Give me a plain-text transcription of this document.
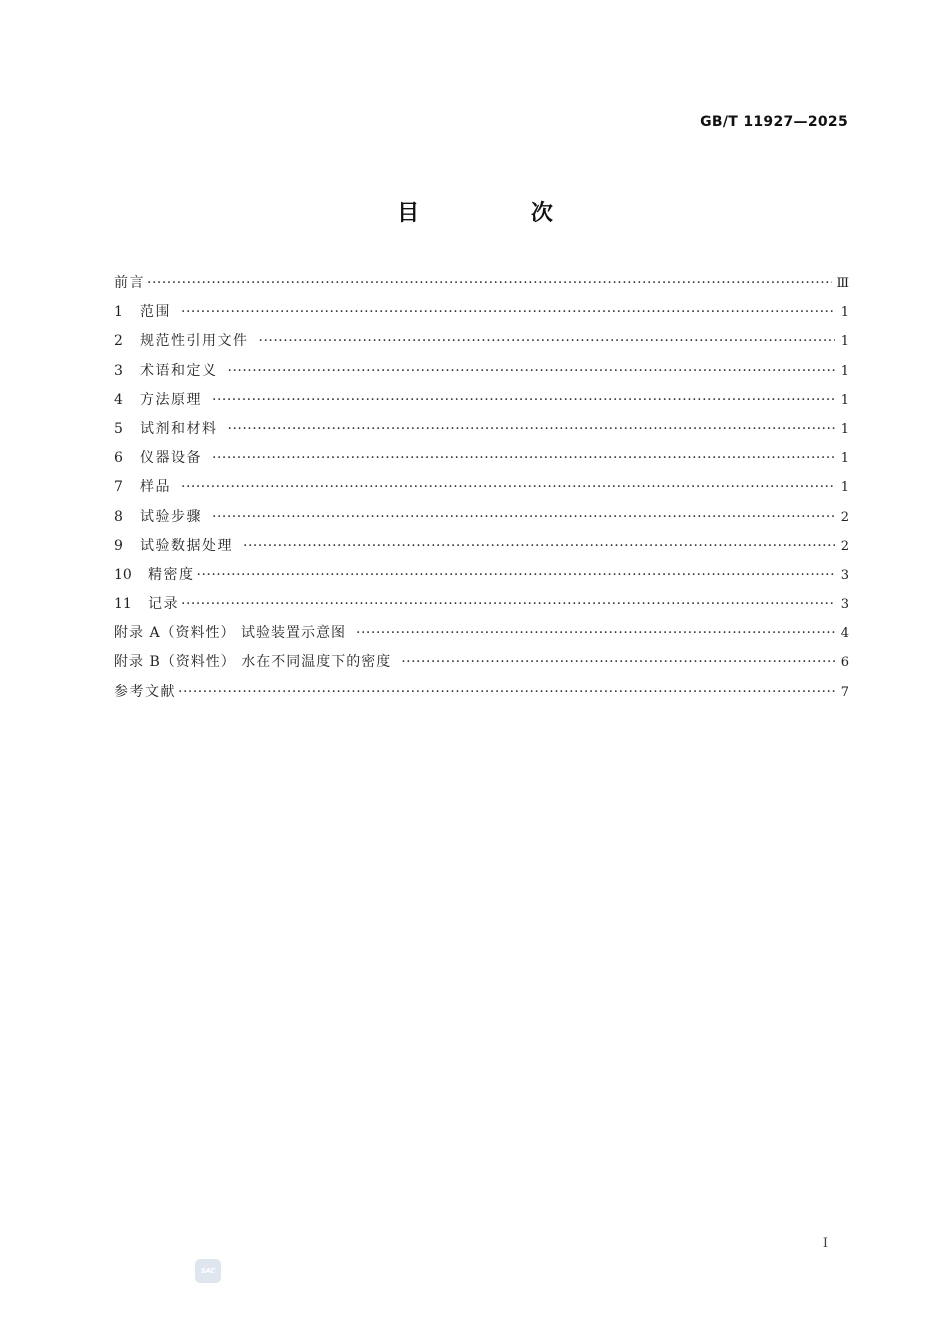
GB/T 11927—2025
目 次
前言 ·····	Ⅲ
1	范围 ·····	1
2	规范性引用文件 ·····	1
3	术语和定义 ·····	1
4	方法原理 ·····	1
5	试剂和材料 ·····	1
6	仪器设备 ·····	1
7	样品 ·····	1
8	试验步骤 ·····	2
9	试验数据处理 ·····	2
10	精密度 ·····	3
11	记录 ·····	3
附录 A（资料性） 试验装置示意图 ·····	4
附录 B（资料性） 水在不同温度下的密度 ·····	6
参考文献 ·····	7
Ⅰ
SAC
